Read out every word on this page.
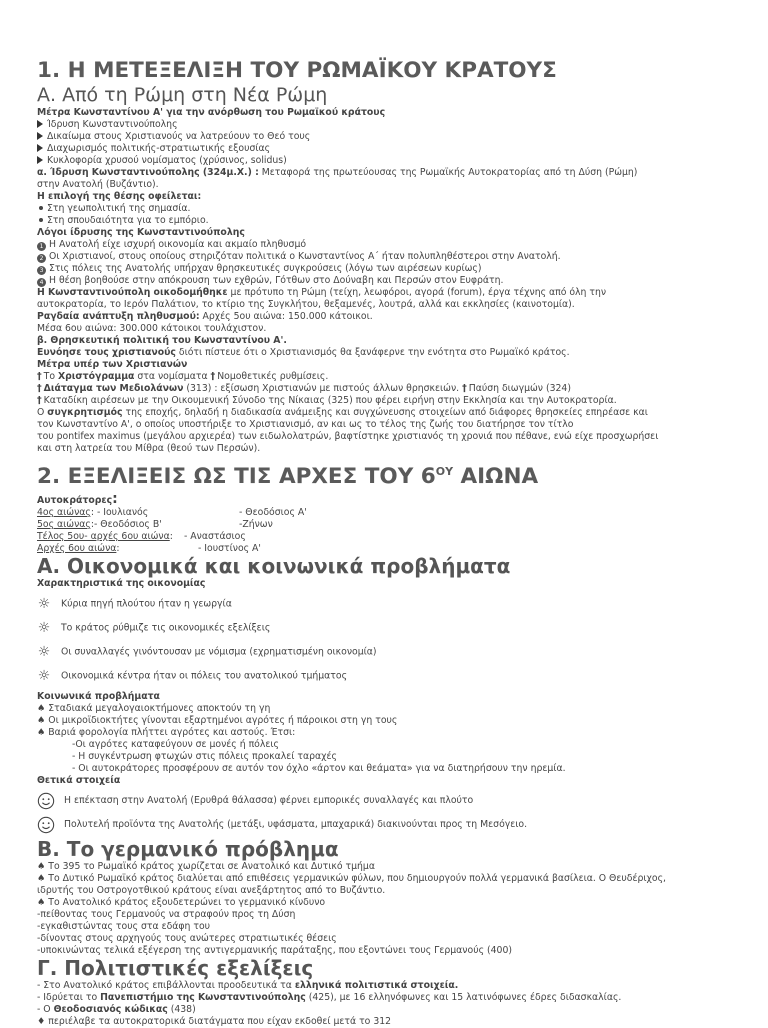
1. Η ΜΕΤΕΞΕΛΙΞΗ ΤΟΥ ΡΩΜΑΪΚΟΥ ΚΡΑΤΟΥΣ
Α. Από τη Ρώμη στη Νέα Ρώμη
Μέτρα Κωνσταντίνου Α' για την ανόρθωση του Ρωμαϊκού κράτους
Ίδρυση Κωνσταντινούπολης
Δικαίωμα στους Χριστιανούς να λατρεύουν το Θεό τους
Διαχωρισμός πολιτικής-στρατιωτικής εξουσίας
Κυκλοφορία χρυσού νομίσματος (χρύσινος, solidus)
α. Ίδρυση Κωνσταντινούπολης (324μ.Χ.) : Μεταφορά της πρωτεύουσας της Ρωμαϊκής Αυτοκρατορίας από τη Δύση (Ρώμη)
στην Ανατολή (Βυζάντιο).
Η επιλογή της θέσης οφείλεται:
Στη γεωπολιτική της σημασία.
Στη σπουδαιότητα για το εμπόριο.
Λόγοι ίδρυσης της Κωνσταντινούπολης
1 Η Ανατολή είχε ισχυρή οικονομία και ακμαίο πληθυσμό
2 Οι Χριστιανοί, στους οποίους στηριζόταν πολιτικά ο Κωνσταντίνος Α΄ ήταν πολυπληθέστεροι στην Ανατολή.
3 Στις πόλεις της Ανατολής υπήρχαν θρησκευτικές συγκρούσεις (λόγω των αιρέσεων κυρίως)
4 Η θέση βοηθούσε στην απόκρουση των εχθρών, Γότθων στο Δούναβη και Περσών στον Ευφράτη.
Η Κωνσταντινούπολη οικοδομήθηκε με πρότυπο τη Ρώμη (τείχη, λεωφόροι, αγορά (forum), έργα τέχνης από όλη την
αυτοκρατορία, το Ιερόν Παλάτιον, το κτίριο της Συγκλήτου, θεξαμενές, λουτρά, αλλά και εκκλησίες (καινοτομία).
Ραγδαία ανάπτυξη πληθυσμού: Αρχές 5ου αιώνα: 150.000 κάτοικοι.
Μέσα 6ου αιώνα: 300.000 κάτοικοι τουλάχιστον.
β. Θρησκευτική πολιτική του Κωνσταντίνου Α'.
Ευνόησε τους χριστιανούς διότι πίστευε ότι ο Χριστιανισμός θα ξανάφερνε την ενότητα στο Ρωμαϊκό κράτος.
Μέτρα υπέρ των Χριστιανών
† Το Χριστόγραμμα στα νομίσματα † Νομοθετικές ρυθμίσεις.
† Διάταγμα των Μεδιολάνων (313) : εξίσωση Χριστιανών με πιστούς άλλων θρησκειών. † Παύση διωγμών (324)
† Καταδίκη αιρέσεων με την Οικουμενική Σύνοδο της Νίκαιας (325) που φέρει ειρήνη στην Εκκλησία και την Αυτοκρατορία.
Ο συγκρητισμός της εποχής, δηλαδή η διαδικασία ανάμειξης και συγχώνευσης στοιχείων από διάφορες θρησκείες επηρέασε και
τον Κωνσταντίνο Α', ο οποίος υποστήριξε το Χριστιανισμό, αν και ως το τέλος της ζωής του διατήρησε τον τίτλο
του pontifex maximus (μεγάλου αρχιερέα) των ειδωλολατρών, βαφτίστηκε χριστιανός τη χρονιά που πέθανε, ενώ είχε προσχωρήσει
και στη λατρεία του Μίθρα (θεού των Περσών).
2. ΕΞΕΛΙΞΕΙΣ ΩΣ ΤΙΣ ΑΡΧΕΣ ΤΟΥ $6^{O\Upsilon}$ ΑΙΩΝΑ
Αυτοκράτορες:
4ος αιώνας: - Ιουλιανός	- Θεοδόσιος Α'
5ος αιώνας:- Θεοδόσιος Β'	-Ζήνων
Τέλος 5ου- αρχές 6ου αιώνα: - Αναστάσιος
Αρχές 6ου αιώνα:	- Ιουστίνος Α'
Α. Οικονομικά και κοινωνικά προβλήματα
Χαρακτηριστικά της οικονομίας
☼ Κύρια πηγή πλούτου ήταν η γεωργία
☼ Το κράτος ρύθμιζε τις οικονομικές εξελίξεις
☼ Οι συναλλαγές γινόντουσαν με νόμισμα (εχρηματισμένη οικονομία)
☼ Οικονομικά κέντρα ήταν οι πόλεις του ανατολικού τμήματος
Κοινωνικά προβλήματα
♠ Σταδιακά μεγαλογαιοκτήμονες αποκτούν τη γη
♠ Οι μικροϊδιοκτήτες γίνονται εξαρτημένοι αγρότες ή πάροικοι στη γη τους
♠ Βαριά φορολογία πλήττει αγρότες και αστούς. Έτσι:
-Οι αγρότες καταφεύγουν σε μονές ή πόλεις
- Η συγκέντρωση φτωχών στις πόλεις προκαλεί ταραχές
- Οι αυτοκράτορες προσφέρουν σε αυτόν τον όχλο «άρτον και θεάματα» για να διατηρήσουν την ηρεμία.
Θετικά στοιχεία
Η επέκταση στην Ανατολή (Ερυθρά θάλασσα) φέρνει εμπορικές συναλλαγές και πλούτο
Πολυτελή προϊόντα της Ανατολής (μετάξι, υφάσματα, μπαχαρικά) διακινούνται προς τη Μεσόγειο.
Β. Το γερμανικό πρόβλημα
♠ Το 395 το Ρωμαϊκό κράτος χωρίζεται σε Ανατολικό και Δυτικό τμήμα
♠ Το Δυτικό Ρωμαϊκό κράτος διαλύεται από επιθέσεις γερμανικών φύλων, που δημιουργούν πολλά γερμανικά βασίλεια. Ο Θευδέριχος,
ιδρυτής του Οστρογοτθικού κράτους είναι ανεξάρτητος από το Βυζάντιο.
♠ Το Ανατολικό κράτος εξουδετερώνει το γερμανικό κίνδυνο
-πείθοντας τους Γερμανούς να στραφούν προς τη Δύση
-εγκαθιστώντας τους στα εδάφη του
-δίνοντας στους αρχηγούς τους ανώτερες στρατιωτικές θέσεις
-υποκινώντας τελικά εξέγερση της αντιγερμανικής παράταξης, που εξοντώνει τους Γερμανούς (400)
Γ. Πολιτιστικές εξελίξεις
- Στο Ανατολικό κράτος επιβάλλονται προοδευτικά τα ελληνικά πολιτιστικά στοιχεία.
- Ιδρύεται το Πανεπιστήμιο της Κωνσταντινούπολης (425), με 16 ελληνόφωνες και 15 λατινόφωνες έδρες διδασκαλίας.
- Ο Θεοδοσιανός κώδικας (438)
♦ περιέλαβε τα αυτοκρατορικά διατάγματα που είχαν εκδοθεί μετά το 312
